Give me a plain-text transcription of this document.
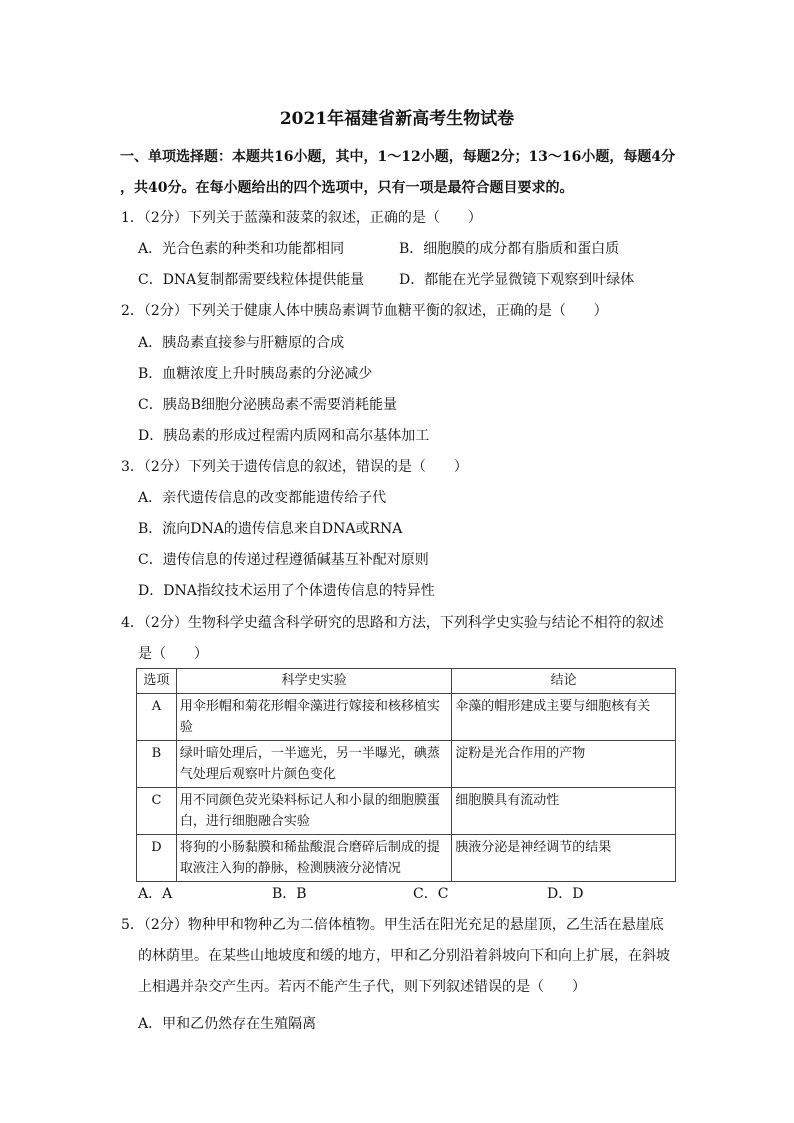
2021年福建省新高考生物试卷
一、单项选择题：本题共16小题，其中，1～12小题，每题2分；13～16小题，每题4分
，共40分。在每小题给出的四个选项中，只有一项是最符合题目要求的。
1．（2分）下列关于蓝藻和菠菜的叙述，正确的是（　　）
A．光合色素的种类和功能都相同	B．细胞膜的成分都有脂质和蛋白质
C．DNA复制都需要线粒体提供能量 D．都能在光学显微镜下观察到叶绿体
2．（2分）下列关于健康人体中胰岛素调节血糖平衡的叙述，正确的是（　　）
A．胰岛素直接参与肝糖原的合成
B．血糖浓度上升时胰岛素的分泌减少
C．胰岛B细胞分泌胰岛素不需要消耗能量
D．胰岛素的形成过程需内质网和高尔基体加工
3．（2分）下列关于遗传信息的叙述，错误的是（　　）
A．亲代遗传信息的改变都能遗传给子代
B．流向DNA的遗传信息来自DNA或RNA
C．遗传信息的传递过程遵循碱基互补配对原则
D．DNA指纹技术运用了个体遗传信息的特异性
4．（2分）生物科学史蕴含科学研究的思路和方法，下列科学史实验与结论不相符的叙述
是（　　）
选项	科学史实验	结论
A	用伞形帽和菊花形帽伞藻进行嫁接和核移植实验	伞藻的帽形建成主要与细胞核有关
B	绿叶暗处理后，一半遮光，另一半曝光，碘蒸气处理后观察叶片颜色变化	淀粉是光合作用的产物
C	用不同颜色荧光染料标记人和小鼠的细胞膜蛋白，进行细胞融合实验	细胞膜具有流动性
D	将狗的小肠黏膜和稀盐酸混合磨碎后制成的提取液注入狗的静脉，检测胰液分泌情况	胰液分泌是神经调节的结果
A．A	B．B	C．C	D．D
5．（2分）物种甲和物种乙为二倍体植物。甲生活在阳光充足的悬崖顶，乙生活在悬崖底
的林荫里。在某些山地坡度和缓的地方，甲和乙分别沿着斜坡向下和向上扩展，在斜坡
上相遇并杂交产生丙。若丙不能产生子代，则下列叙述错误的是（　　）
A．甲和乙仍然存在生殖隔离
